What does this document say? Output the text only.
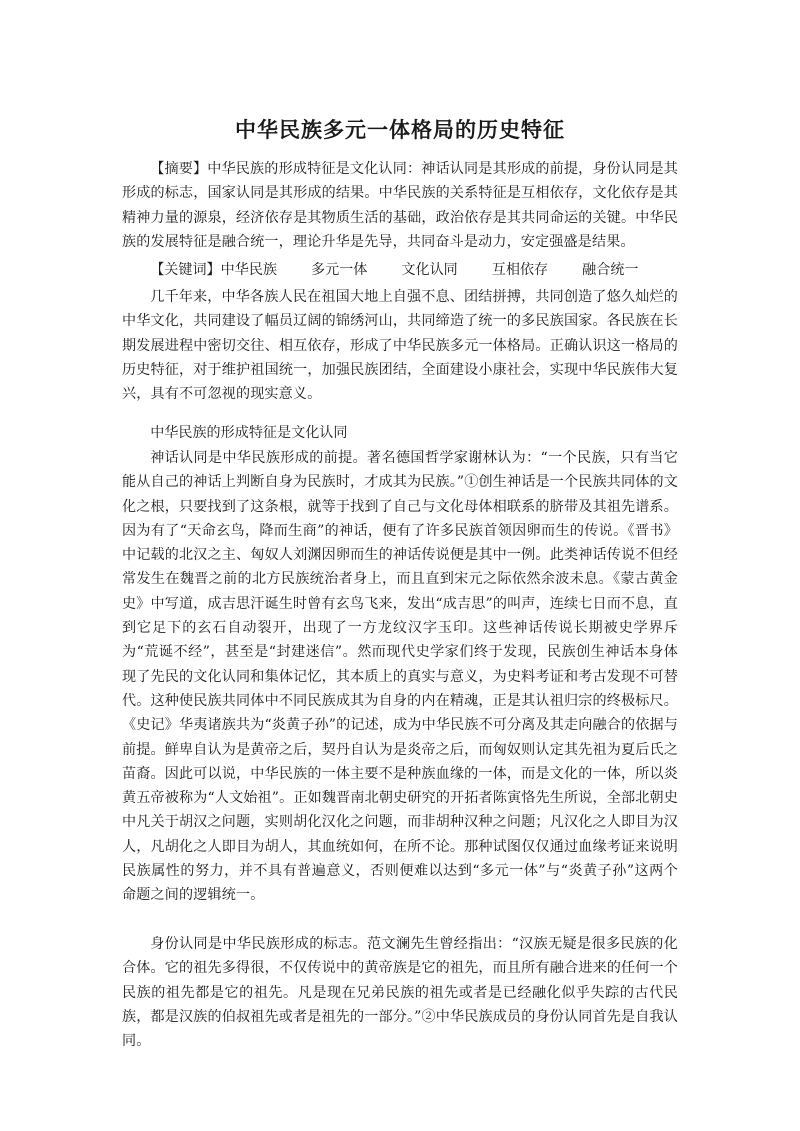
中华民族多元一体格局的历史特征

【摘要】中华民族的形成特征是文化认同：神话认同是其形成的前提，身份认同是其形成的标志，国家认同是其形成的结果。中华民族的关系特征是互相依存，文化依存是其精神力量的源泉，经济依存是其物质生活的基础，政治依存是其共同命运的关键。中华民族的发展特征是融合统一，理论升华是先导，共同奋斗是动力，安定强盛是结果。

【关键词】中华民族 多元一体 文化认同 互相依存 融合统一

几千年来，中华各族人民在祖国大地上自强不息、团结拼搏，共同创造了悠久灿烂的中华文化，共同建设了幅员辽阔的锦绣河山，共同缔造了统一的多民族国家。各民族在长期发展进程中密切交往、相互依存，形成了中华民族多元一体格局。正确认识这一格局的历史特征，对于维护祖国统一，加强民族团结，全面建设小康社会，实现中华民族伟大复兴，具有不可忽视的现实意义。

中华民族的形成特征是文化认同

神话认同是中华民族形成的前提。著名德国哲学家谢林认为：“一个民族，只有当它能从自己的神话上判断自身为民族时，才成其为民族。”①创生神话是一个民族共同体的文化之根，只要找到了这条根，就等于找到了自己与文化母体相联系的脐带及其祖先谱系。因为有了“天命玄鸟，降而生商”的神话，便有了许多民族首领因卵而生的传说。《晋书》中记载的北汉之主、匈奴人刘渊因卵而生的神话传说便是其中一例。此类神话传说不但经常发生在魏晋之前的北方民族统治者身上，而且直到宋元之际依然余波未息。《蒙古黄金史》中写道，成吉思汗诞生时曾有玄鸟飞来，发出“成吉思”的叫声，连续七日而不息，直到它足下的玄石自动裂开，出现了一方龙纹汉字玉印。这些神话传说长期被史学界斥为“荒诞不经”，甚至是“封建迷信”。然而现代史学家们终于发现，民族创生神话本身体现了先民的文化认同和集体记忆，其本质上的真实与意义，为史料考证和考古发现不可替代。这种使民族共同体中不同民族成其为自身的内在精魂，正是其认祖归宗的终极标尺。《史记》华夷诸族共为“炎黄子孙”的记述，成为中华民族不可分离及其走向融合的依据与前提。鲜卑自认为是黄帝之后，契丹自认为是炎帝之后，而匈奴则认定其先祖为夏后氏之苗裔。因此可以说，中华民族的一体主要不是种族血缘的一体，而是文化的一体，所以炎黄五帝被称为“人文始祖”。正如魏晋南北朝史研究的开拓者陈寅恪先生所说，全部北朝史中凡关于胡汉之问题，实则胡化汉化之问题，而非胡种汉种之问题；凡汉化之人即目为汉人，凡胡化之人即目为胡人，其血统如何，在所不论。那种试图仅仅通过血缘考证来说明民族属性的努力，并不具有普遍意义，否则便难以达到“多元一体”与“炎黄子孙”这两个命题之间的逻辑统一。

身份认同是中华民族形成的标志。范文澜先生曾经指出：“汉族无疑是很多民族的化合体。它的祖先多得很，不仅传说中的黄帝族是它的祖先，而且所有融合进来的任何一个民族的祖先都是它的祖先。凡是现在兄弟民族的祖先或者是已经融化似乎失踪的古代民族，都是汉族的伯叔祖先或者是祖先的一部分。”②中华民族成员的身份认同首先是自我认同。
